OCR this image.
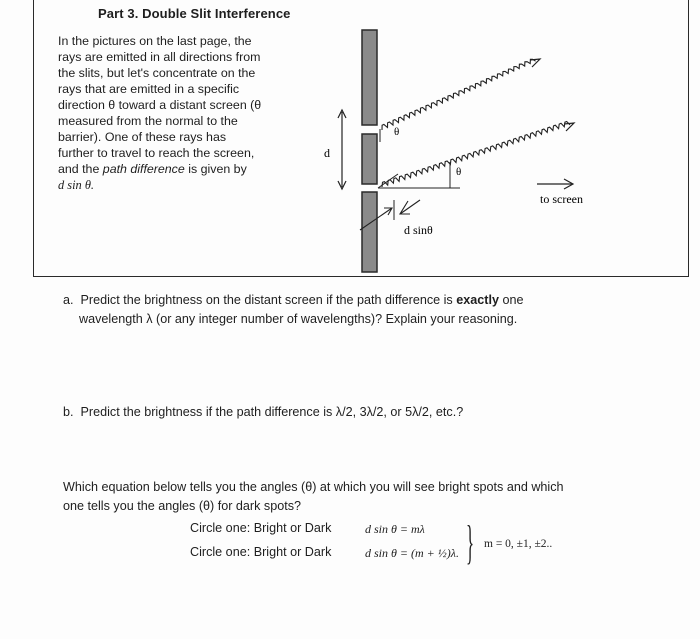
Part 3. Double Slit Interference
In the pictures on the last page, the
rays are emitted in all directions from
the slits, but let's concentrate on the
rays that are emitted in a specific
direction θ toward a distant screen (θ
measured from the normal to the
barrier). One of these rays has
further to travel to reach the screen,
and the path difference is given by
d sin θ.
d
θ
θ
d sinθ
to screen
a. Predict the brightness on the distant screen if the path difference is exactly one
wavelength λ (or any integer number of wavelengths)? Explain your reasoning.
b. Predict the brightness if the path difference is λ/2, 3λ/2, or 5λ/2, etc.?
Which equation below tells you the angles (θ) at which you will see bright spots and which
one tells you the angles (θ) for dark spots?
Circle one: Bright or Dark	d sin θ = mλ
Circle one: Bright or Dark	d sin θ = (m + ½)λ. } m = 0, ±1, ±2..
